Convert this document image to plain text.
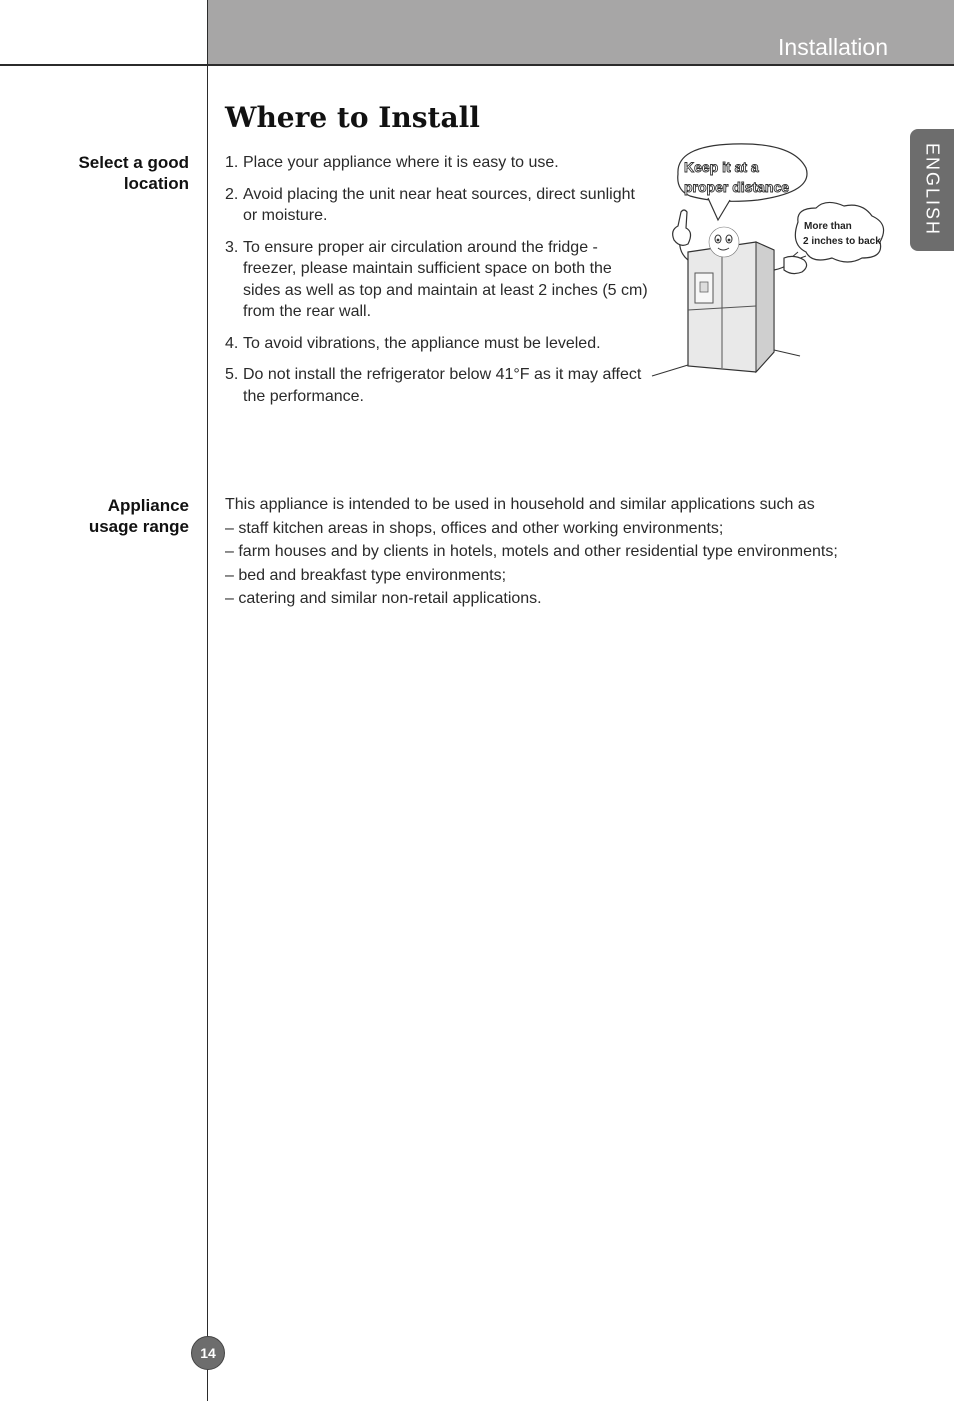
Installation
ENGLISH
Where to Install
Select a good
location
1. Place your appliance where it is easy to use.
2. Avoid placing the unit near heat sources, direct sunlight or moisture.
3. To ensure proper air circulation around the fridge -freezer, please maintain sufficient space on both the sides as well as top and maintain at least 2 inches (5 cm) from the rear wall.
4. To avoid vibrations, the appliance must be leveled.
5. Do not install the refrigerator below 41°F as it may affect the performance.
Keep it at a
proper distance
More than
2 inches to back
Appliance
usage range
This appliance is intended to be used in household and similar applications such as
– staff kitchen areas in shops, offices and other working environments;
– farm houses and by clients in hotels, motels and other residential type environments;
– bed and breakfast type environments;
– catering and similar non-retail applications.
14
